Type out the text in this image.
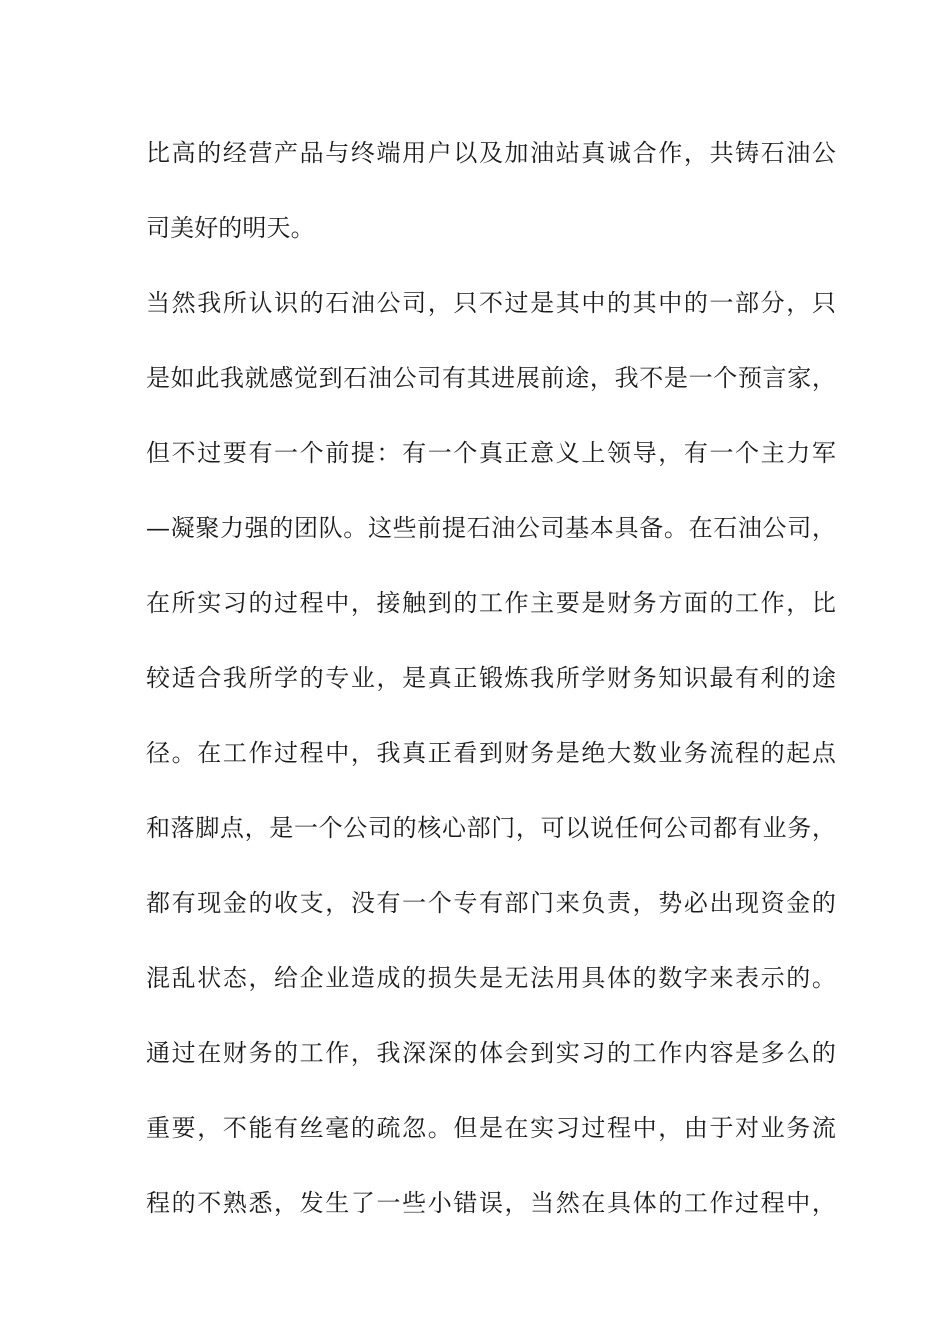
比高的经营产品与终端用户以及加油站真诚合作，共铸石油公
司美好的明天。
当然我所认识的石油公司，只不过是其中的其中的一部分，只
是如此我就感觉到石油公司有其进展前途，我不是一个预言家，
但不过要有一个前提：有一个真正意义上领导，有一个主力军
—凝聚力强的团队。这些前提石油公司基本具备。在石油公司，
在所实习的过程中，接触到的工作主要是财务方面的工作，比
较适合我所学的专业，是真正锻炼我所学财务知识最有利的途
径。在工作过程中，我真正看到财务是绝大数业务流程的起点
和落脚点，是一个公司的核心部门，可以说任何公司都有业务，
都有现金的收支，没有一个专有部门来负责，势必出现资金的
混乱状态，给企业造成的损失是无法用具体的数字来表示的。
通过在财务的工作，我深深的体会到实习的工作内容是多么的
重要，不能有丝毫的疏忽。但是在实习过程中，由于对业务流
程的不熟悉，发生了一些小错误，当然在具体的工作过程中，
